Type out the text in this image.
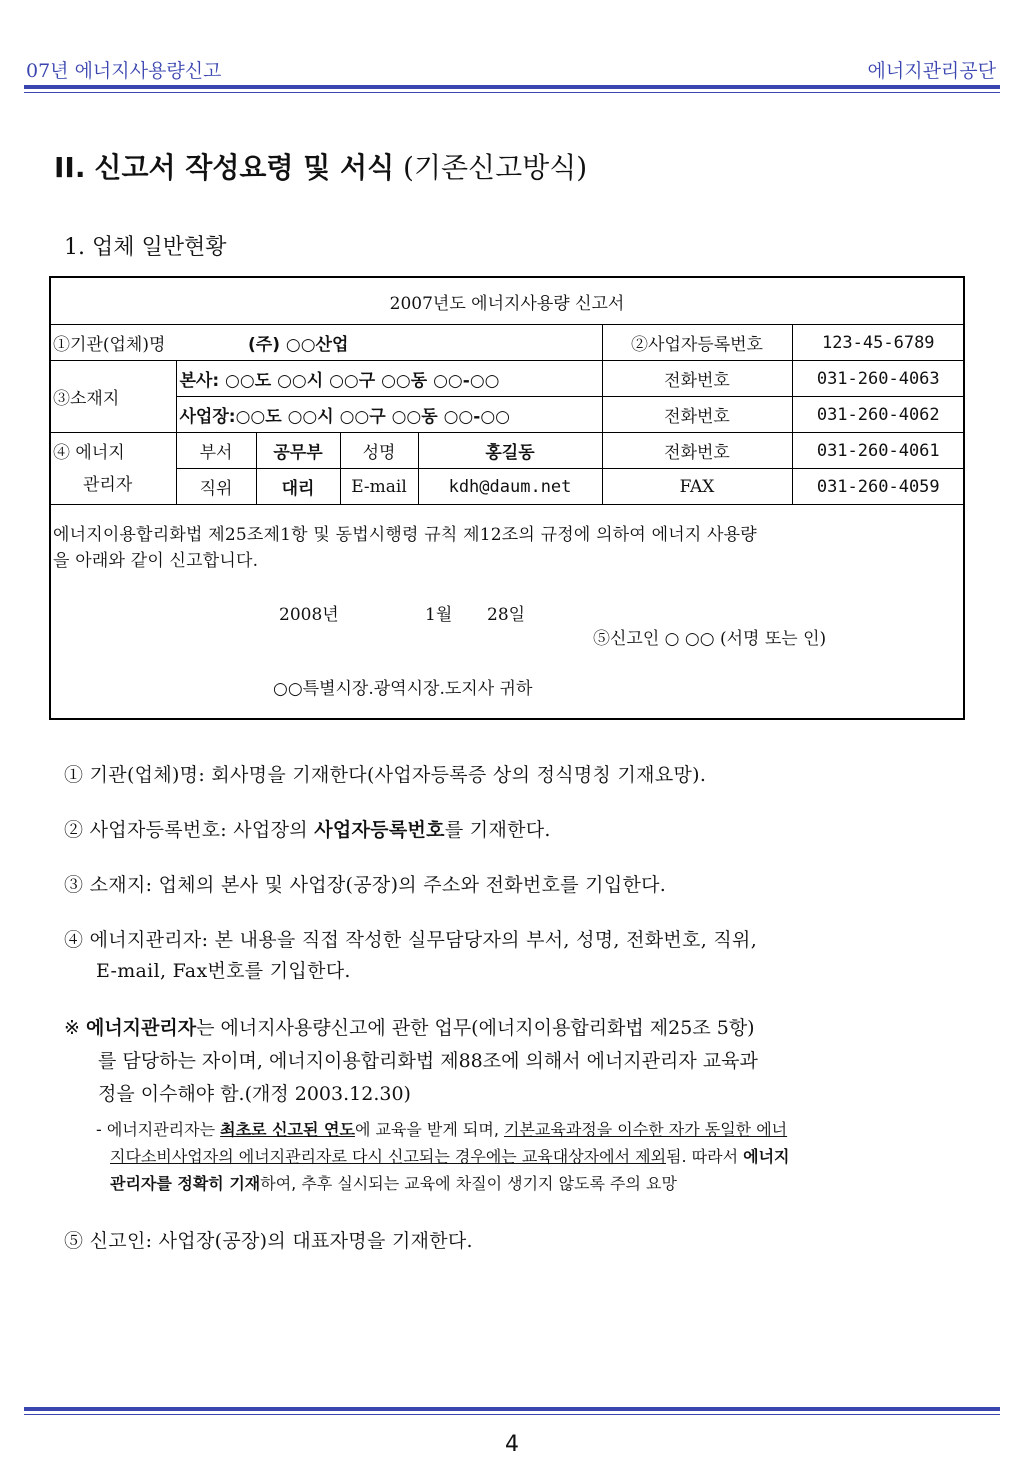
07년 에너지사용량신고	에너지관리공단
II. 신고서 작성요령 및 서식 (기존신고방식)
1. 업체 일반현황
2007년도 에너지사용량 신고서						
①기관(업체)명	(주) ○○산업				②사업자등록번호	123-45-6789
③소재지	본사: ○○도 ○○시 ○○구 ○○동 ○○-○○				전화번호	031-260-4063
	사업장:○○도 ○○시 ○○구 ○○동 ○○-○○				전화번호	031-260-4062

④ 에너지
관리자	부서	공무부	성명	홍길동	전화번호	031-260-4061
	직위	대리	E-mail	kdh@daum.net	FAX	031-260-4059
에너지이용합리화법 제25조제1항 및 동법시행령 규칙 제12조의 규정에 의하여 에너지 사용량
을 아래와 같이 신고합니다.
2008년	1월 28일
⑤신고인 ○ ○○ (서명 또는 인)
○○특별시장.광역시장.도지사 귀하
① 기관(업체)명: 회사명을 기재한다(사업자등록증 상의 정식명칭 기재요망).
② 사업자등록번호: 사업장의 사업자등록번호를 기재한다.
③ 소재지: 업체의 본사 및 사업장(공장)의 주소와 전화번호를 기입한다.
④ 에너지관리자: 본 내용을 직접 작성한 실무담당자의 부서, 성명, 전화번호, 직위,
E-mail, Fax번호를 기입한다.
※ 에너지관리자는 에너지사용량신고에 관한 업무(에너지이용합리화법 제25조 5항)
를 담당하는 자이며, 에너지이용합리화법 제88조에 의해서 에너지관리자 교육과
정을 이수해야 함.(개정 2003.12.30)
- 에너지관리자는 최초로 신고된 연도에 교육을 받게 되며, 기본교육과정을 이수한 자가 동일한 에너
지다소비사업자의 에너지관리자로 다시 신고되는 경우에는 교육대상자에서 제외됨. 따라서 에너지
관리자를 정확히 기재하여, 추후 실시되는 교육에 차질이 생기지 않도록 주의 요망
⑤ 신고인: 사업장(공장)의 대표자명을 기재한다.
4
